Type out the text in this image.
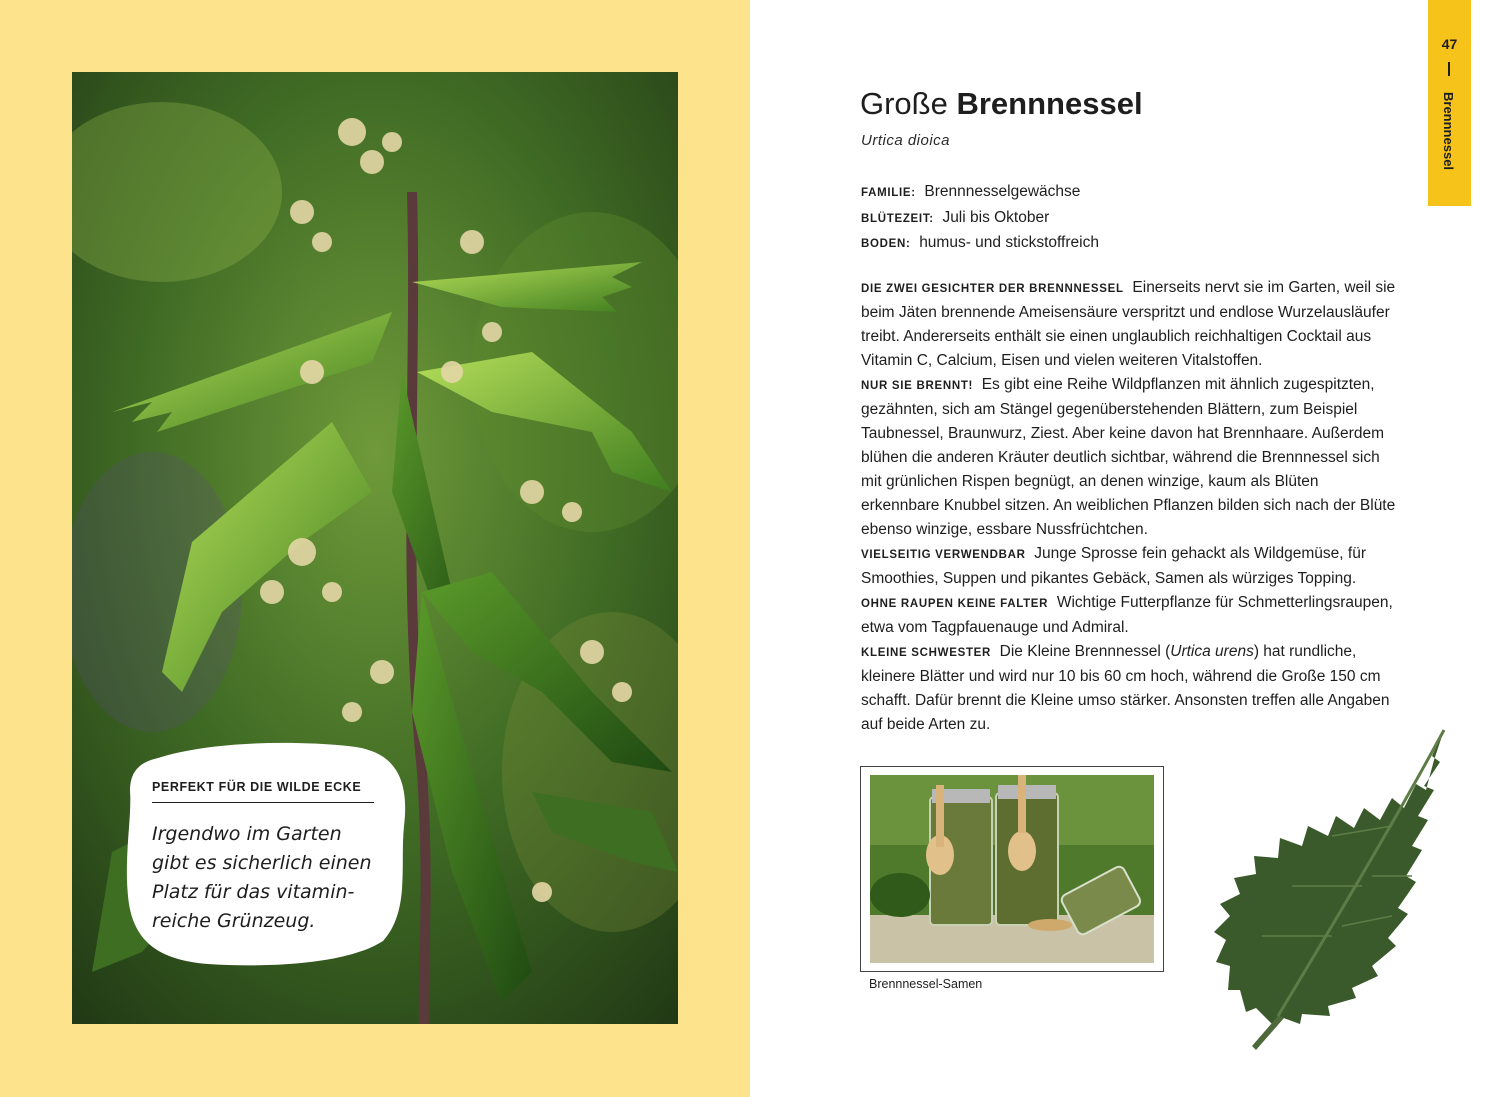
PERFEKT FÜR DIE WILDE ECKE
Irgendwo im Garten gibt es sicherlich einen Platz für das vitaminreiche Grünzeug.
47
Brennnessel
Große Brennnessel
Urtica dioica
FAMILIE: Brennnesselgewächse
BLÜTEZEIT: Juli bis Oktober
BODEN: humus- und stickstoffreich

DIE ZWEI GESICHTER DER BRENNNESSEL Einerseits nervt sie im Garten, weil sie beim Jäten brennende Ameisensäure verspritzt und endlose Wurzelausläufer treibt. Andererseits enthält sie einen unglaublich reichhaltigen Cocktail aus Vitamin C, Calcium, Eisen und vielen weiteren Vitalstoffen.

NUR SIE BRENNT! Es gibt eine Reihe Wildpflanzen mit ähnlich zugespitzten, gezähnten, sich am Stängel gegenüberstehenden Blättern, zum Beispiel Taubnessel, Braunwurz, Ziest. Aber keine davon hat Brennhaare. Außerdem blühen die anderen Kräuter deutlich sichtbar, während die Brennnessel sich mit grünlichen Rispen begnügt, an denen winzige, kaum als Blüten erkennbare Knubbel sitzen. An weiblichen Pflanzen bilden sich nach der Blüte ebenso winzige, essbare Nussfrüchtchen.

VIELSEITIG VERWENDBAR Junge Sprosse fein gehackt als Wildgemüse, für Smoothies, Suppen und pikantes Gebäck, Samen als würziges Topping.

OHNE RAUPEN KEINE FALTER Wichtige Futterpflanze für Schmetterlingsraupen, etwa vom Tagpfauenauge und Admiral.

KLEINE SCHWESTER Die Kleine Brennnessel (Urtica urens) hat rundliche, kleinere Blätter und wird nur 10 bis 60 cm hoch, während die Große 150 cm schafft. Dafür brennt die Kleine umso stärker. Ansonsten treffen alle Angaben auf beide Arten zu.

Brennnessel-Samen
